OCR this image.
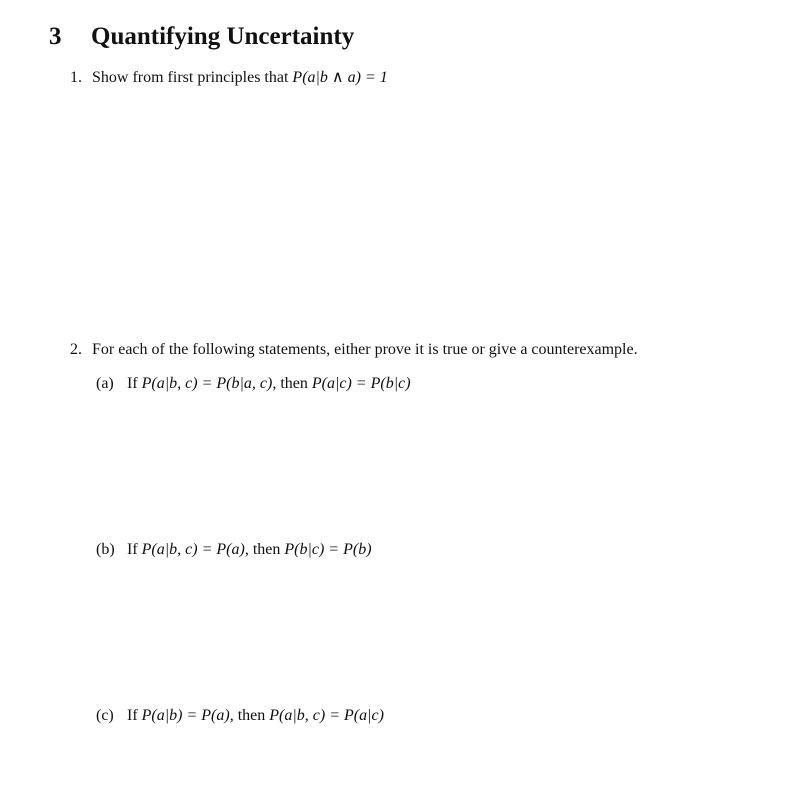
3 Quantifying Uncertainty
1. Show from first principles that P(a|b ∧ a) = 1
2. For each of the following statements, either prove it is true or give a counterexample.
(a) If P(a|b, c) = P(b|a, c), then P(a|c) = P(b|c)
(b) If P(a|b, c) = P(a), then P(b|c) = P(b)
(c) If P(a|b) = P(a), then P(a|b, c) = P(a|c)
